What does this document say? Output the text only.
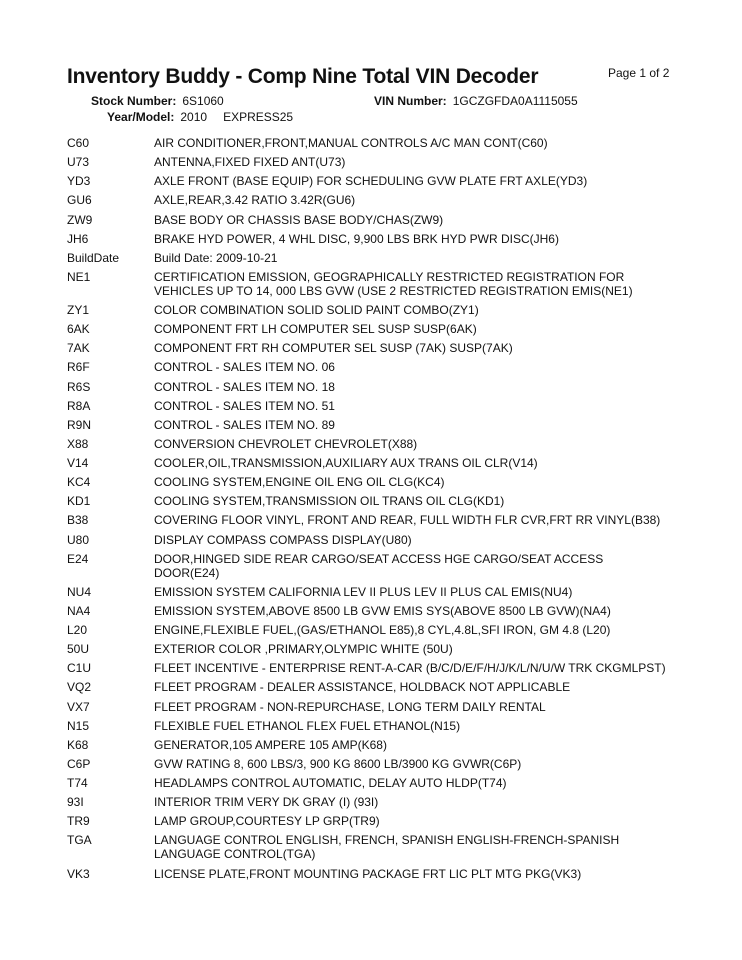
Inventory Buddy - Comp Nine Total VIN Decoder	Page 1 of 2
Stock Number: 6S1060
Year/Model: 2010 EXPRESS25
VIN Number: 1GCZGFDA0A1115055
C60	AIR CONDITIONER,FRONT,MANUAL CONTROLS A/C MAN CONT(C60)
U73	ANTENNA,FIXED FIXED ANT(U73)
YD3	AXLE FRONT (BASE EQUIP) FOR SCHEDULING GVW PLATE FRT AXLE(YD3)
GU6	AXLE,REAR,3.42 RATIO 3.42R(GU6)
ZW9	BASE BODY OR CHASSIS BASE BODY/CHAS(ZW9)
JH6	BRAKE HYD POWER, 4 WHL DISC, 9,900 LBS BRK HYD PWR DISC(JH6)
BuildDate	Build Date: 2009-10-21
NE1	CERTIFICATION EMISSION, GEOGRAPHICALLY RESTRICTED REGISTRATION FOR
VEHICLES UP TO 14, 000 LBS GVW (USE 2 RESTRICTED REGISTRATION EMIS(NE1)
ZY1	COLOR COMBINATION SOLID SOLID PAINT COMBO(ZY1)
6AK	COMPONENT FRT LH COMPUTER SEL SUSP SUSP(6AK)
7AK	COMPONENT FRT RH COMPUTER SEL SUSP (7AK) SUSP(7AK)
R6F	CONTROL - SALES ITEM NO. 06
R6S	CONTROL - SALES ITEM NO. 18
R8A	CONTROL - SALES ITEM NO. 51
R9N	CONTROL - SALES ITEM NO. 89
X88	CONVERSION CHEVROLET CHEVROLET(X88)
V14	COOLER,OIL,TRANSMISSION,AUXILIARY AUX TRANS OIL CLR(V14)
KC4	COOLING SYSTEM,ENGINE OIL ENG OIL CLG(KC4)
KD1	COOLING SYSTEM,TRANSMISSION OIL TRANS OIL CLG(KD1)
B38	COVERING FLOOR VINYL, FRONT AND REAR, FULL WIDTH FLR CVR,FRT RR VINYL(B38)
U80	DISPLAY COMPASS COMPASS DISPLAY(U80)
E24	DOOR,HINGED SIDE REAR CARGO/SEAT ACCESS HGE CARGO/SEAT ACCESS
DOOR(E24)
NU4	EMISSION SYSTEM CALIFORNIA LEV II PLUS LEV II PLUS CAL EMIS(NU4)
NA4	EMISSION SYSTEM,ABOVE 8500 LB GVW EMIS SYS(ABOVE 8500 LB GVW)(NA4)
L20	ENGINE,FLEXIBLE FUEL,(GAS/ETHANOL E85),8 CYL,4.8L,SFI IRON, GM 4.8 (L20)
50U	EXTERIOR COLOR ,PRIMARY,OLYMPIC WHITE (50U)
C1U	FLEET INCENTIVE - ENTERPRISE RENT-A-CAR (B/C/D/E/F/H/J/K/L/N/U/W TRK CKGMLPST)
VQ2	FLEET PROGRAM - DEALER ASSISTANCE, HOLDBACK NOT APPLICABLE
VX7	FLEET PROGRAM - NON-REPURCHASE, LONG TERM DAILY RENTAL
N15	FLEXIBLE FUEL ETHANOL FLEX FUEL ETHANOL(N15)
K68	GENERATOR,105 AMPERE 105 AMP(K68)
C6P	GVW RATING 8, 600 LBS/3, 900 KG 8600 LB/3900 KG GVWR(C6P)
T74	HEADLAMPS CONTROL AUTOMATIC, DELAY AUTO HLDP(T74)
93I	INTERIOR TRIM VERY DK GRAY (I) (93I)
TR9	LAMP GROUP,COURTESY LP GRP(TR9)
TGA	LANGUAGE CONTROL ENGLISH, FRENCH, SPANISH ENGLISH-FRENCH-SPANISH
LANGUAGE CONTROL(TGA)
VK3	LICENSE PLATE,FRONT MOUNTING PACKAGE FRT LIC PLT MTG PKG(VK3)
